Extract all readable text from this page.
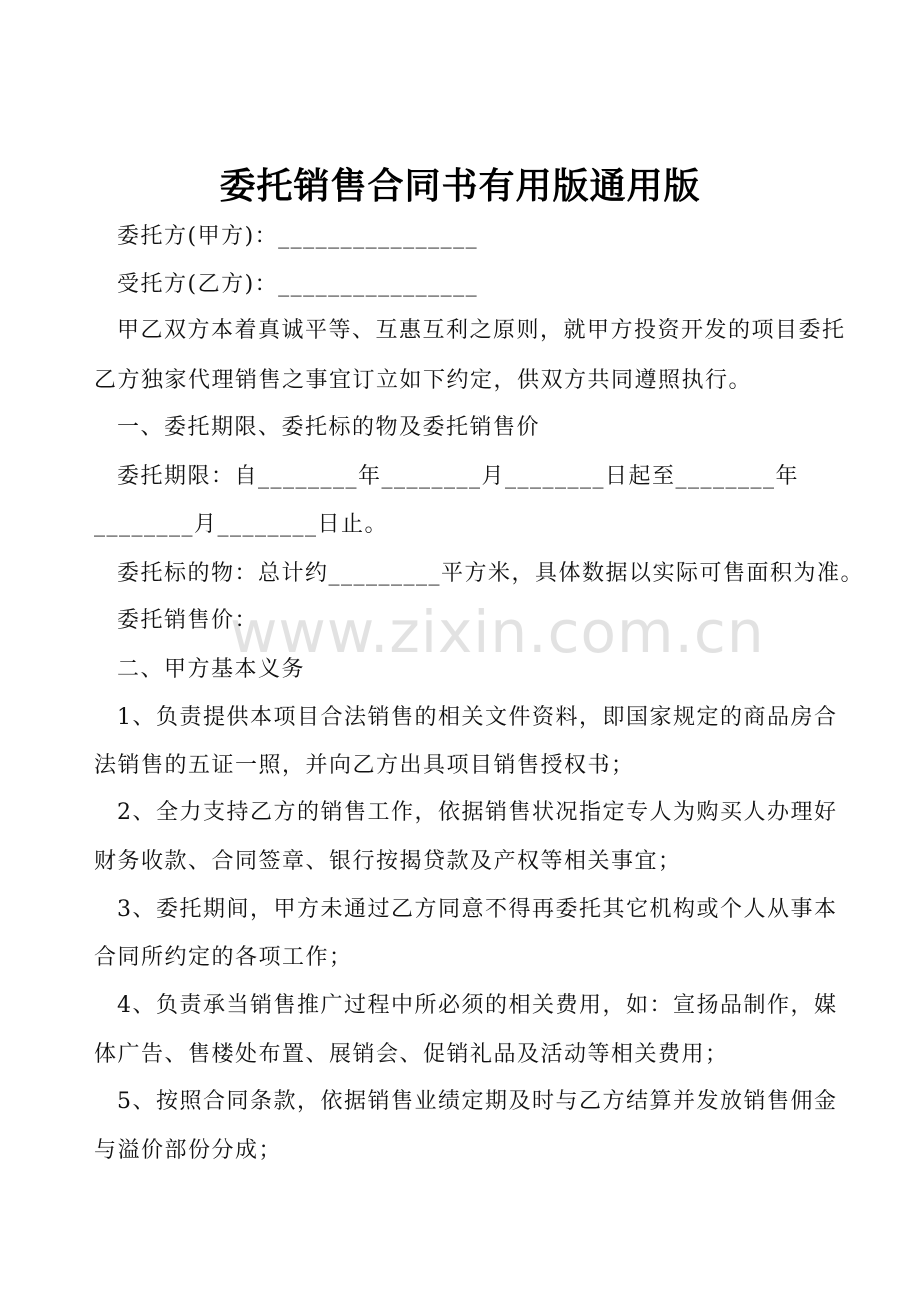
委托销售合同书有用版通用版
委托方(甲方)：________________
受托方(乙方)：________________
甲乙双方本着真诚平等、互惠互利之原则，就甲方投资开发的项目委托
乙方独家代理销售之事宜订立如下约定，供双方共同遵照执行。
一、委托期限、委托标的物及委托销售价
委托期限：自________年________月________日起至________年
________月________日止。
委托标的物：总计约_________平方米，具体数据以实际可售面积为准。
委托销售价：
二、甲方基本义务
1、负责提供本项目合法销售的相关文件资料，即国家规定的商品房合
法销售的五证一照，并向乙方出具项目销售授权书；
2、全力支持乙方的销售工作，依据销售状况指定专人为购买人办理好
财务收款、合同签章、银行按揭贷款及产权等相关事宜；
3、委托期间，甲方未通过乙方同意不得再委托其它机构或个人从事本
合同所约定的各项工作；
4、负责承当销售推广过程中所必须的相关费用，如：宣扬品制作，媒
体广告、售楼处布置、展销会、促销礼品及活动等相关费用；
5、按照合同条款，依据销售业绩定期及时与乙方结算并发放销售佣金
与溢价部份分成；
www.zixin.com.cn
